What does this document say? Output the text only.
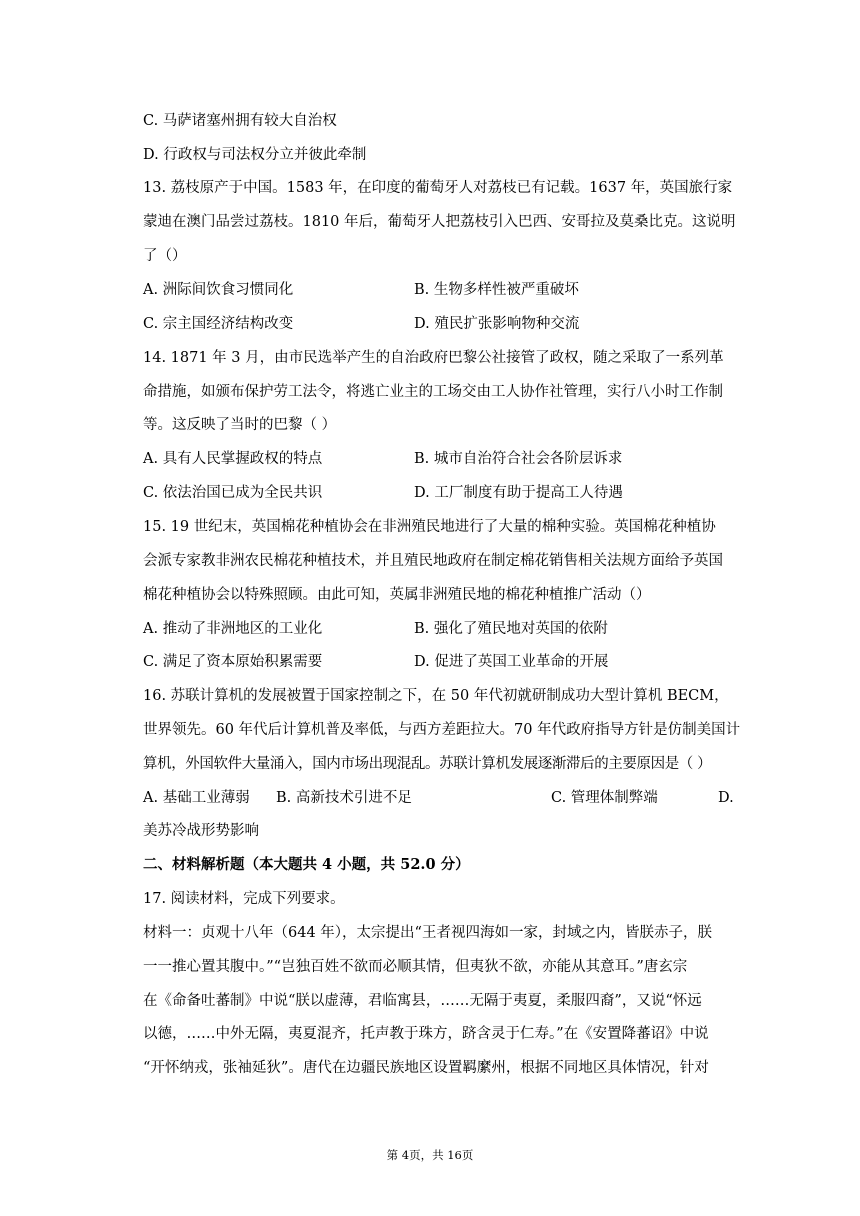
C. 马萨诸塞州拥有较大自治权
D. 行政权与司法权分立并彼此牵制
13. 荔枝原产于中国。1583 年，在印度的葡萄牙人对荔枝已有记载。1637 年，英国旅行家
蒙迪在澳门品尝过荔枝。1810 年后，葡萄牙人把荔枝引入巴西、安哥拉及莫桑比克。这说明
了（）
A. 洲际间饮食习惯同化	B. 生物多样性被严重破坏
C. 宗主国经济结构改变	D. 殖民扩张影响物种交流
14. 1871 年 3 月，由市民选举产生的自治政府巴黎公社接管了政权，随之采取了一系列革
命措施，如颁布保护劳工法令，将逃亡业主的工场交由工人协作社管理，实行八小时工作制
等。这反映了当时的巴黎（ ）
A. 具有人民掌握政权的特点	B. 城市自治符合社会各阶层诉求
C. 依法治国已成为全民共识	D. 工厂制度有助于提高工人待遇
15. 19 世纪末，英国棉花种植协会在非洲殖民地进行了大量的棉种实验。英国棉花种植协
会派专家教非洲农民棉花种植技术，并且殖民地政府在制定棉花销售相关法规方面给予英国
棉花种植协会以特殊照顾。由此可知，英属非洲殖民地的棉花种植推广活动（）
A. 推动了非洲地区的工业化	B. 强化了殖民地对英国的依附
C. 满足了资本原始积累需要	D. 促进了英国工业革命的开展
16. 苏联计算机的发展被置于国家控制之下，在 50 年代初就研制成功大型计算机 BECM，
世界领先。60 年代后计算机普及率低，与西方差距拉大。70 年代政府指导方针是仿制美国计
算机，外国软件大量涌入，国内市场出现混乱。苏联计算机发展逐渐滞后的主要原因是（ ）
A. 基础工业薄弱 B. 高新技术引进不足	C. 管理体制弊端	D.
美苏冷战形势影响
二、材料解析题（本大题共 4 小题，共 52.0 分）
17. 阅读材料，完成下列要求。
材料一：贞观十八年（644 年），太宗提出“王者视四海如一家，封域之内，皆朕赤子，朕
一一推心置其腹中。”“岂独百姓不欲而必顺其情，但夷狄不欲，亦能从其意耳。”唐玄宗
在《命备吐蕃制》中说“朕以虚薄，君临寓县，……无隔于夷夏，柔服四裔”，又说“怀远
以德，……中外无隔，夷夏混齐，托声教于珠方，跻含灵于仁寿。”在《安置降蕃诏》中说
“开怀纳戎，张袖延狄”。唐代在边疆民族地区设置羁縻州，根据不同地区具体情况，针对
第 4页，共 16页
